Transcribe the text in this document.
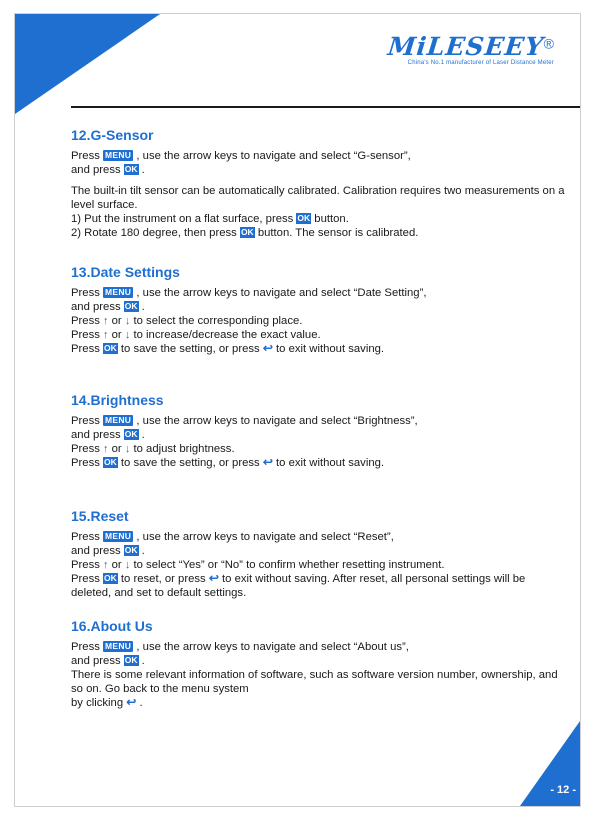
MiLESEEY®
China's No.1 manufacturer of Laser Distance Meter
12.G-Sensor

Press MENU , use the arrow keys to navigate and select “G-sensor”,
and press OK .

The built-in tilt sensor can be automatically calibrated. Calibration requires two measurements on a level surface.
1) Put the instrument on a flat surface, press OK button.
2) Rotate 180 degree, then press OK button. The sensor is calibrated.

13.Date Settings

Press MENU , use the arrow keys to navigate and select “Date Setting”,
and press OK .
Press ↑ or ↓ to select the corresponding place.
Press ↑ or ↓ to increase/decrease the exact value.
Press OK to save the setting, or press ↩ to exit without saving.

14.Brightness

Press MENU , use the arrow keys to navigate and select “Brightness”,
and press OK .
Press ↑ or ↓ to adjust brightness.
Press OK to save the setting, or press ↩ to exit without saving.

15.Reset

Press MENU , use the arrow keys to navigate and select “Reset”,
and press OK .
Press ↑ or ↓ to select “Yes” or “No” to confirm whether resetting instrument.
Press OK to reset, or press ↩ to exit without saving. After reset, all personal settings will be deleted, and set to default settings.

16.About Us

Press MENU , use the arrow keys to navigate and select “About us”,
and press OK .
There is some relevant information of software, such as software version number, ownership, and so on. Go back to the menu system
by clicking ↩ .

- 12 -
